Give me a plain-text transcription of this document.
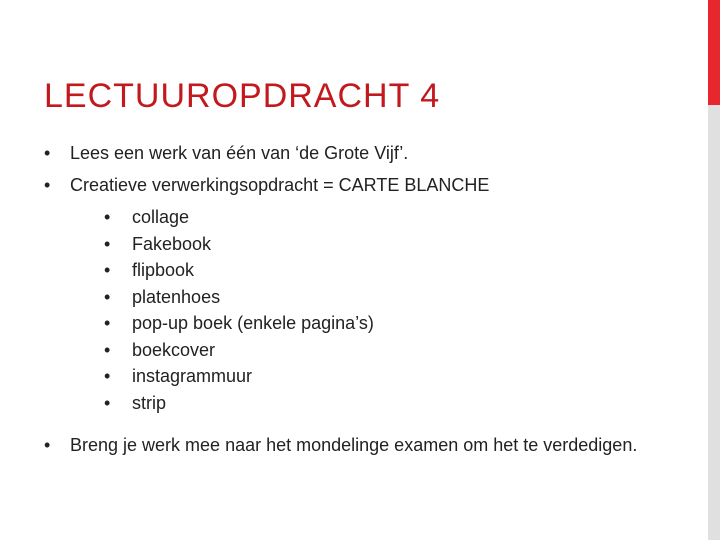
LECTUUROPDRACHT 4

• Lees een werk van één van ‘de Grote Vijf’.

• Creatieve verwerkingsopdracht = CARTE BLANCHE
• collage
• Fakebook
• flipbook
• platenhoes
• pop-up boek (enkele pagina’s)
• boekcover
• instagrammuur
• strip

• Breng je werk mee naar het mondelinge examen om het te verdedigen.
